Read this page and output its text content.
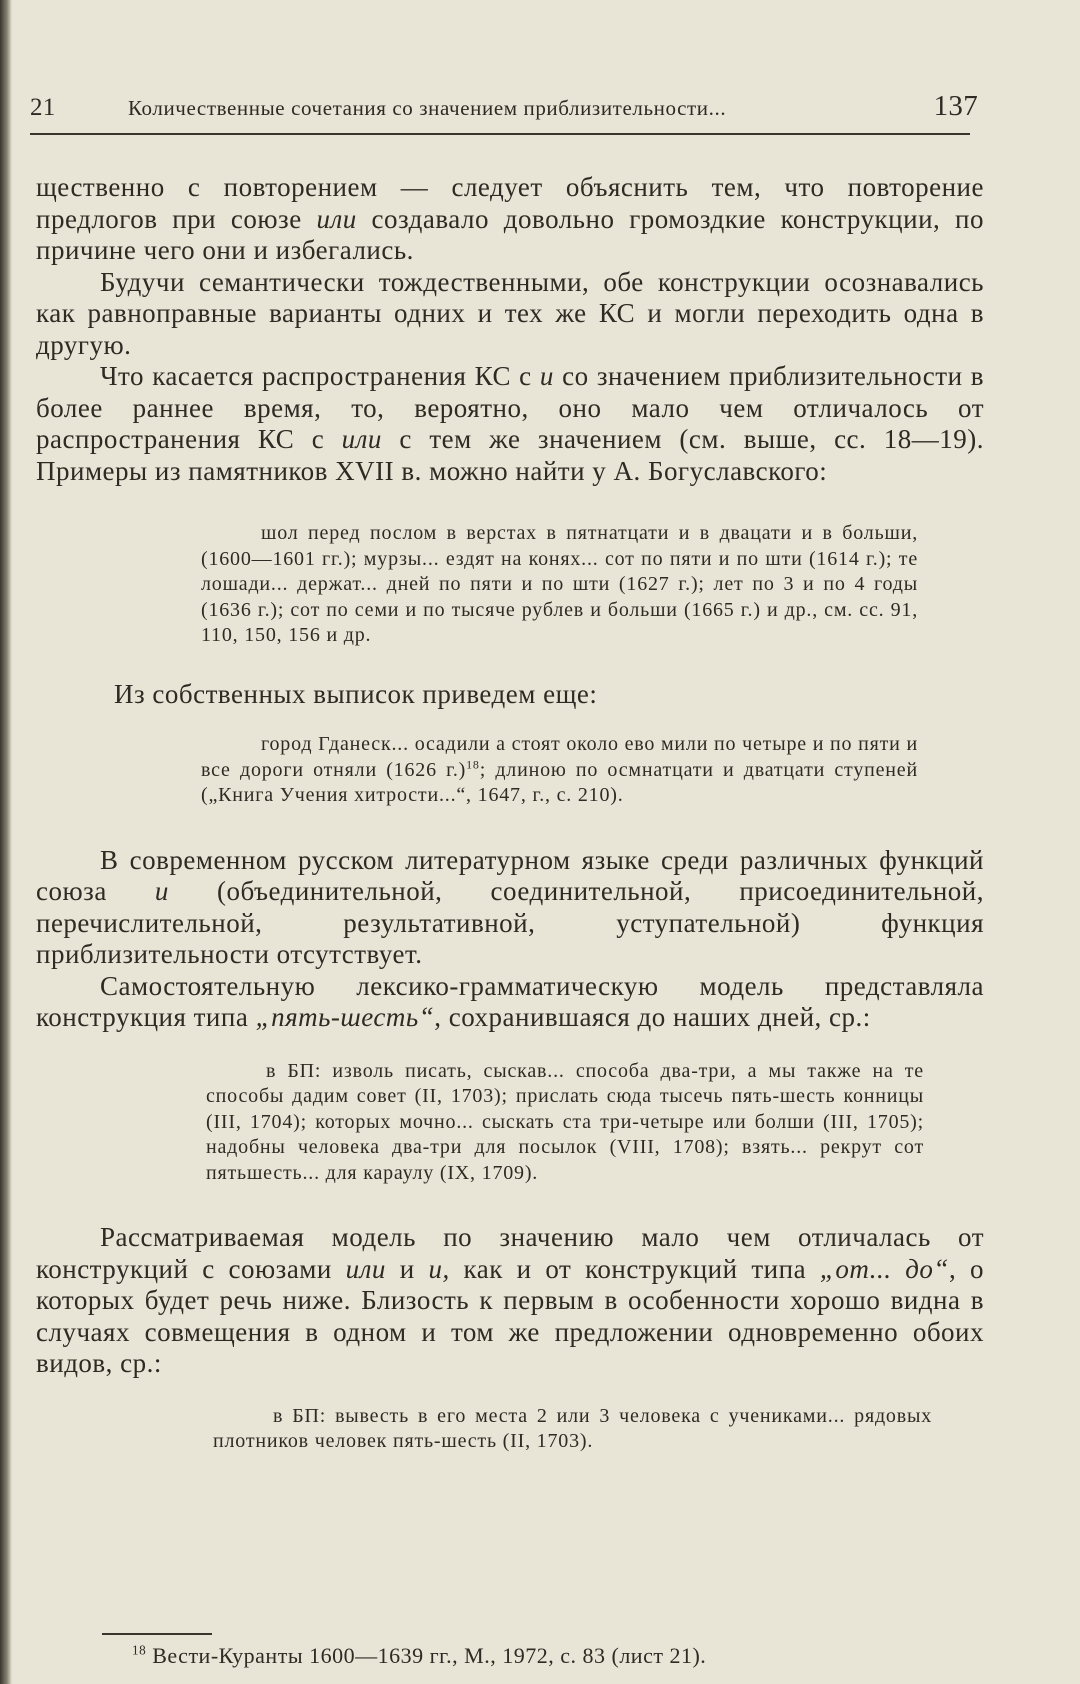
21	Количественные сочетания со значением приблизительности...	137

щественно с повторением — следует объяснить тем, что повторение предлогов при союзе или создавало довольно громоздкие конструкции, по причине чего они и избегались.

Будучи семантически тождественными, обе конструкции осознавались как равноправные варианты одних и тех же КС и могли переходить одна в другую.

Что касается распространения КС с и со значением приблизительности в более раннее время, то, вероятно, оно мало чем отличалось от распространения КС с или с тем же значением (см. выше, сс. 18—19). Примеры из памятников XVII в. можно найти у А. Богуславского:

шол перед послом в верстах в пятнатцати и в двацати и в больши, (1600—1601 гг.); мурзы... ездят на конях... сот по пяти и по шти (1614 г.); те лошади... держат... дней по пяти и по шти (1627 г.); лет по 3 и по 4 годы (1636 г.); сот по семи и по тысяче рублев и больши (1665 г.) и др., см. сс. 91, 110, 150, 156 и др.

Из собственных выписок приведем еще:

город Гданеск... осадили а стоят около ево мили по четыре и по пяти и все дороги отняли (1626 г.)$^{18}$; длиною по осмнатцати и дватцати ступеней („Книга Учения хитрости...“, 1647, г., с. 210).

В современном русском литературном языке среди различных функций союза и (объединительной, соединительной, присоединительной, перечислительной, результативной, уступательной) функция приблизительности отсутствует.

Самостоятельную лексико-грамматическую модель представляла конструкция типа „пять-шесть“, сохранившаяся до наших дней, ср.:

в БП: изволь писать, сыскав... способа два-три, а мы также на те способы дадим совет (II, 1703); прислать сюда тысечь пять-шесть конницы (III, 1704); которых мочно... сыскать ста три-четыре или болши (III, 1705); надобны человека два-три для посылок (VIII, 1708); взять... рекрут сот пятьшесть... для караулу (IX, 1709).

Рассматриваемая модель по значению мало чем отличалась от конструкций с союзами или и и, как и от конструкций типа „от... до“, о которых будет речь ниже. Близость к первым в особенности хорошо видна в случаях совмещения в одном и том же предложении одновременно обоих видов, ср.:

в БП: вывесть в его места 2 или 3 человека с учениками... рядовых плотников человек пять-шесть (II, 1703).

$^{18}$ Вести-Куранты 1600—1639 гг., М., 1972, с. 83 (лист 21).
